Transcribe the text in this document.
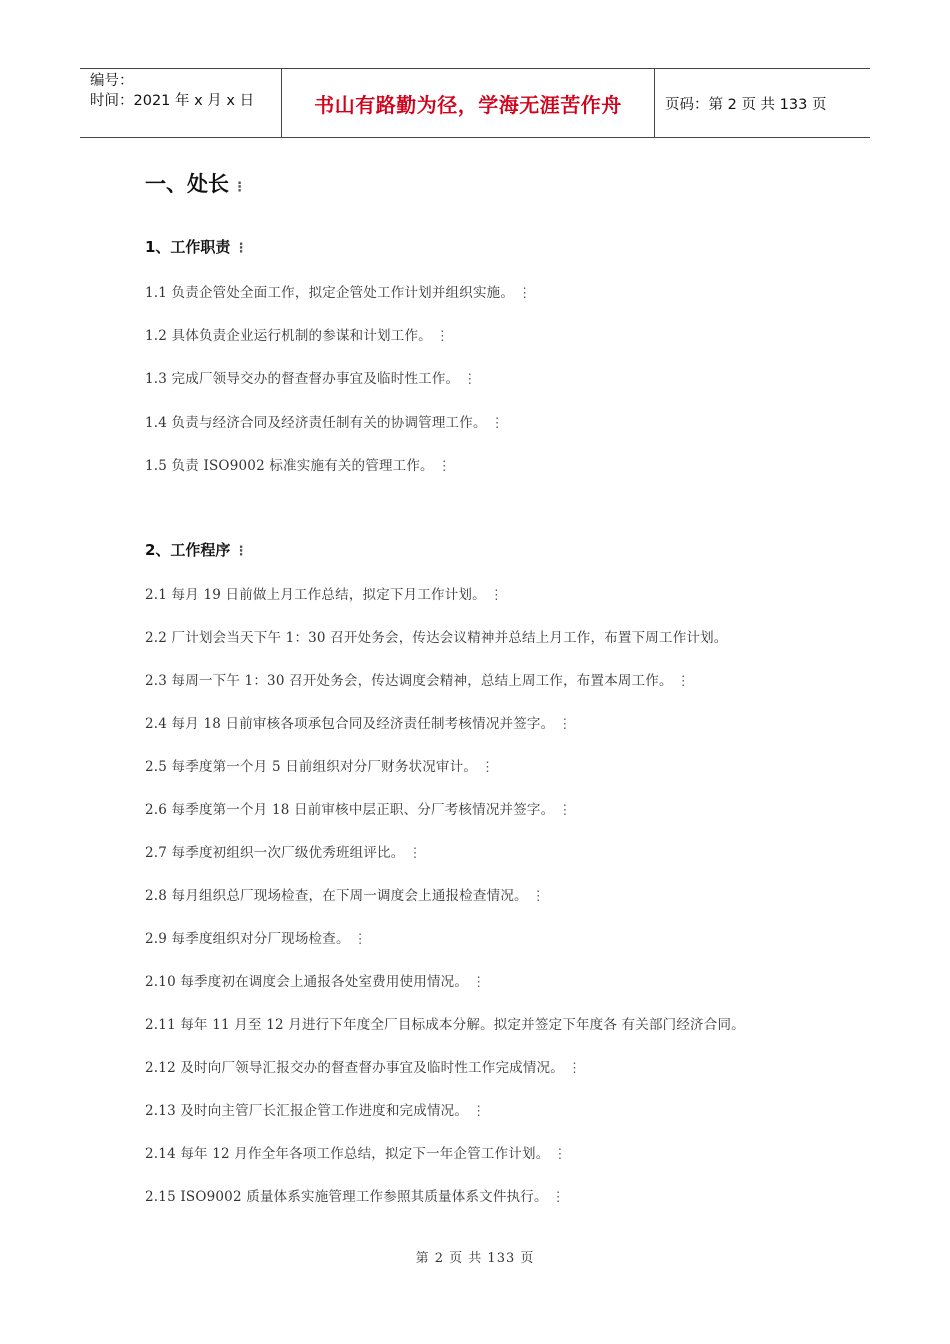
编号：
时间：2021 年 x 月 x 日	书山有路勤为径，学海无涯苦作舟	页码：第 2 页 共 133 页
一、处长 ⋮
1、工作职责 ⋮
1.1 负责企管处全面工作，拟定企管处工作计划并组织实施。 ⋮
1.2 具体负责企业运行机制的参谋和计划工作。 ⋮
1.3 完成厂领导交办的督查督办事宜及临时性工作。 ⋮
1.4 负责与经济合同及经济责任制有关的协调管理工作。 ⋮
1.5 负责 ISO9002 标准实施有关的管理工作。 ⋮
2、工作程序 ⋮
2.1 每月 19 日前做上月工作总结，拟定下月工作计划。 ⋮
2.2 厂计划会当天下午 1：30 召开处务会，传达会议精神并总结上月工作，布置下周工作计划。
2.3 每周一下午 1：30 召开处务会，传达调度会精神，总结上周工作，布置本周工作。 ⋮
2.4 每月 18 日前审核各项承包合同及经济责任制考核情况并签字。 ⋮
2.5 每季度第一个月 5 日前组织对分厂财务状况审计。 ⋮
2.6 每季度第一个月 18 日前审核中层正职、分厂考核情况并签字。 ⋮
2.7 每季度初组织一次厂级优秀班组评比。 ⋮
2.8 每月组织总厂现场检查，在下周一调度会上通报检查情况。 ⋮
2.9 每季度组织对分厂现场检查。 ⋮
2.10 每季度初在调度会上通报各处室费用使用情况。 ⋮
2.11 每年 11 月至 12 月进行下年度全厂目标成本分解。拟定并签定下年度各 有关部门经济合同。
2.12 及时向厂领导汇报交办的督查督办事宜及临时性工作完成情况。 ⋮
2.13 及时向主管厂长汇报企管工作进度和完成情况。 ⋮
2.14 每年 12 月作全年各项工作总结，拟定下一年企管工作计划。 ⋮
2.15 ISO9002 质量体系实施管理工作参照其质量体系文件执行。 ⋮
第 2 页 共 133 页
